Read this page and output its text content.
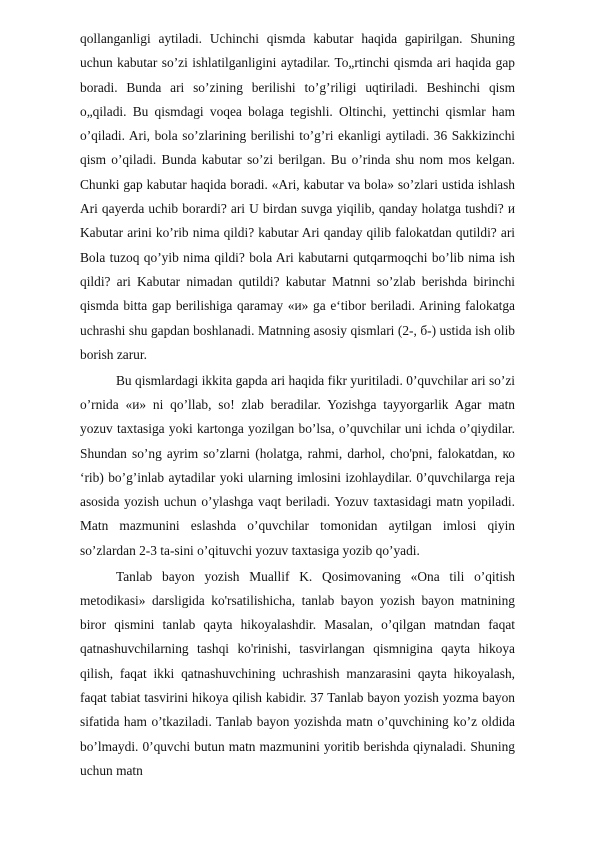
qollanganligi aytiladi. Uchinchi qismda kabutar haqida gapirilgan. Shuning uchun kabutar so’zi ishlatilganligini aytadilar. To„rtinchi qismda ari haqida gap boradi. Bunda ari so’zining berilishi to’g’riligi uqtiriladi. Beshinchi qism o„qiladi. Bu qismdagi voqea bolaga tegishli. Oltinchi, yettinchi qismlar ham o’qiladi. Ari, bola so’zlarining berilishi to’g’ri ekanligi aytiladi. 36 Sakkizinchi qism o’qiladi. Bunda kabutar so’zi berilgan. Bu o’rinda shu nom mos kelgan. Chunki gap kabutar haqida boradi. «Ari, kabutar va bola» so’zlari ustida ishlash Ari qayerda uchib borardi? ari U birdan suvga yiqilib, qanday holatga tushdi? и Kabutar arini ko’rib nima qildi? kabutar Ari qanday qilib falokatdan qutildi? ari Bola tuzoq qo’yib nima qildi? bola Ari kabutarni qutqarmoqchi bo’lib nima ish qildi? ari Kabutar nimadan qutildi? kabutar Matnni so’zlab berishda birinchi qismda bitta gap berilishiga qaramay «и» ga e‘tibor beriladi. Arining falokatga uchrashi shu gapdan boshlanadi. Matnning asosiy qismlari (2-, б-) ustida ish olib borish zarur.

Bu qismlardagi ikkita gapda ari haqida fikr yuritiladi. 0’quvchilar ari so’zi o’rnida «и» ni qo’llab, so! zlab beradilar. Yozishga tayyorgarlik Agar matn yozuv taxtasiga yoki kartonga yozilgan bo’lsa, o’quvchilar uni ichda o’qiydilar. Shundan so’ng ayrim so’zlarni (holatga, rahmi, darhol, cho'pni, falokatdan, ко ‘rib) bo’g’inlab aytadilar yoki ularning imlosini izohlaydilar. 0’quvchilarga reja asosida yozish uchun o’ylashga vaqt beriladi. Yozuv taxtasidagi matn yopiladi. Matn mazmunini eslashda o’quvchilar tomonidan aytilgan imlosi qiyin so’zlardan 2-3 ta-sini o’qituvchi yozuv taxtasiga yozib qo’yadi.

Tanlab bayon yozish Muallif K. Qosimovaning «Ona tili o’qitish metodikasi» darsligida ko'rsatilishicha, tanlab bayon yozish bayon matnining biror qismini tanlab qayta hikoyalashdir. Masalan, o’qilgan matndan faqat qatnashuvchilarning tashqi ko'rinishi, tasvirlangan qismnigina qayta hikoya qilish, faqat ikki qatnashuvchining uchrashish manzarasini qayta hikoyalash, faqat tabiat tasvirini hikoya qilish kabidir. 37 Tanlab bayon yozish yozma bayon sifatida ham o’tkaziladi. Tanlab bayon yozishda matn o’quvchining ko’z oldida bo’lmaydi. 0’quvchi butun matn mazmunini yoritib berishda qiynaladi. Shuning uchun matn
